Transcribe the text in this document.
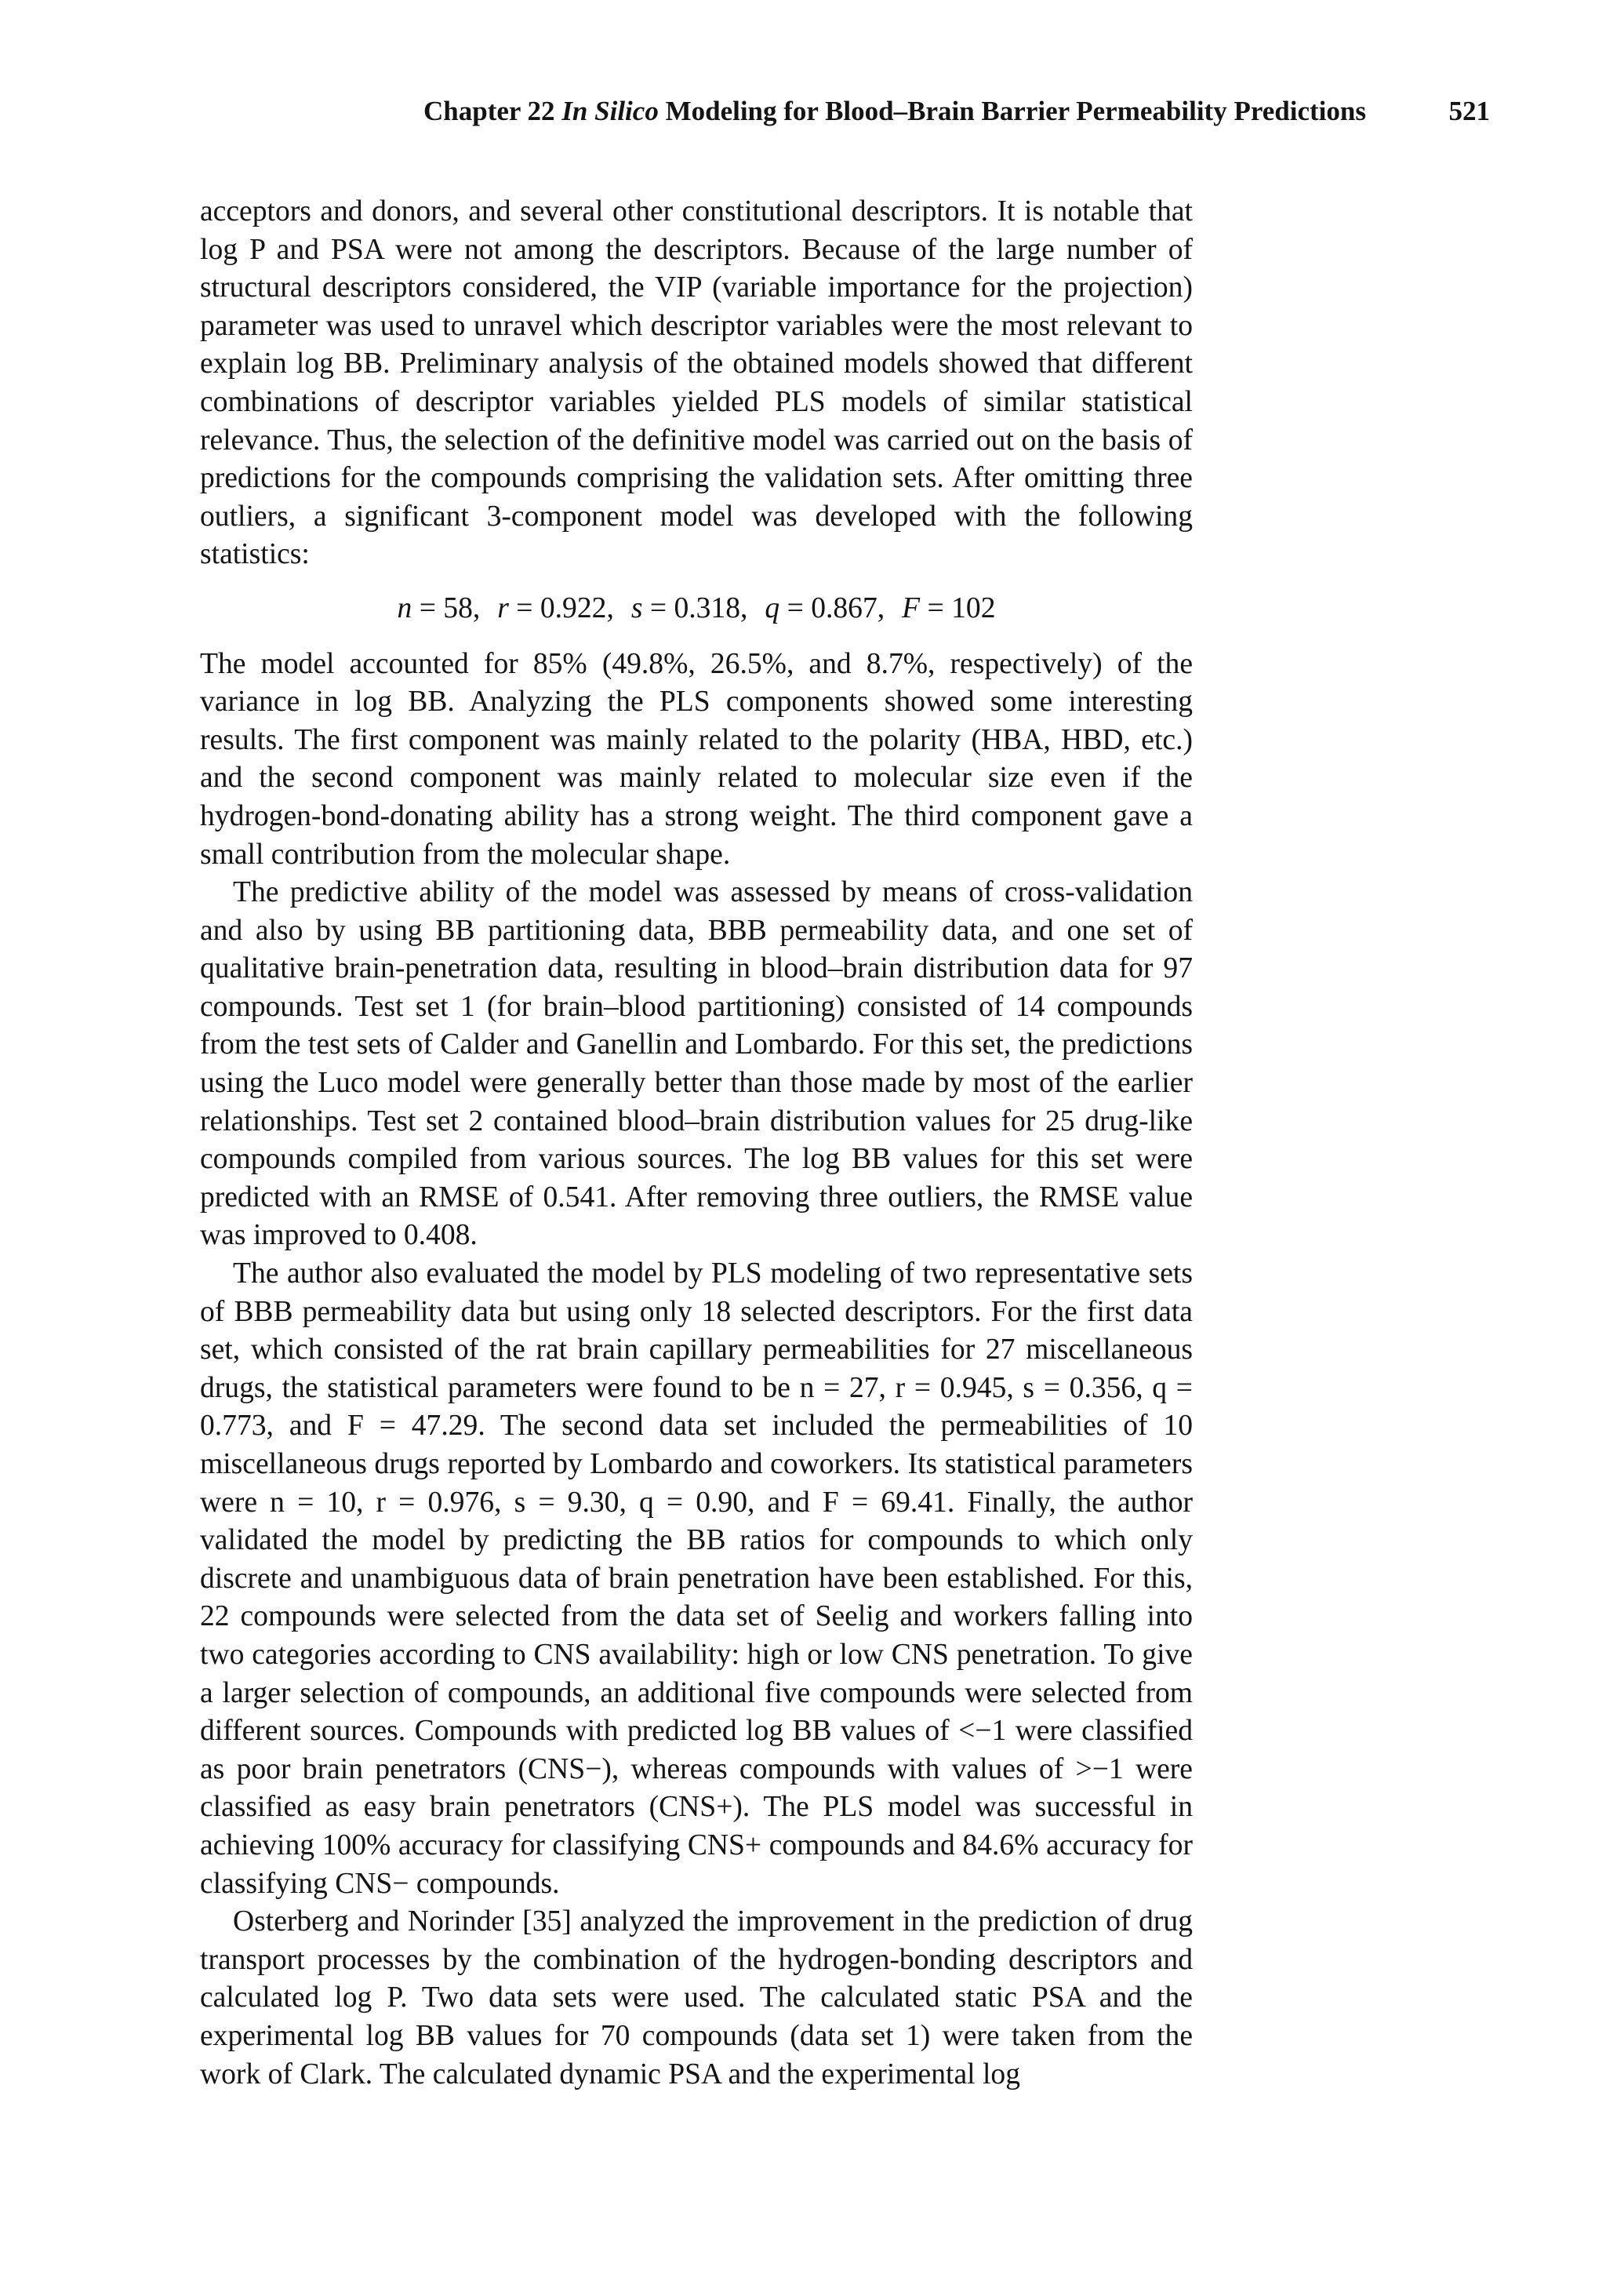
Chapter 22 In Silico Modeling for Blood–Brain Barrier Permeability Predictions	521

acceptors and donors, and several other constitutional descriptors. It is notable that log P and PSA were not among the descriptors. Because of the large number of structural descriptors considered, the VIP (variable importance for the projection) parameter was used to unravel which descriptor variables were the most relevant to explain log BB. Preliminary analysis of the obtained models showed that different combinations of descriptor variables yielded PLS models of similar statistical relevance. Thus, the selection of the definitive model was carried out on the basis of predictions for the compounds comprising the validation sets. After omitting three outliers, a significant 3-component model was developed with the following statistics:

n = 58, r = 0.922, s = 0.318, q = 0.867, F = 102

The model accounted for 85% (49.8%, 26.5%, and 8.7%, respectively) of the variance in log BB. Analyzing the PLS components showed some interesting results. The first component was mainly related to the polarity (HBA, HBD, etc.) and the second component was mainly related to molecular size even if the hydrogen-bond-donating ability has a strong weight. The third component gave a small contribution from the molecular shape.

The predictive ability of the model was assessed by means of cross-validation and also by using BB partitioning data, BBB permeability data, and one set of qualitative brain-penetration data, resulting in blood–brain distribution data for 97 compounds. Test set 1 (for brain–blood partitioning) consisted of 14 compounds from the test sets of Calder and Ganellin and Lombardo. For this set, the predictions using the Luco model were generally better than those made by most of the earlier relationships. Test set 2 contained blood–brain distribution values for 25 drug-like compounds compiled from various sources. The log BB values for this set were predicted with an RMSE of 0.541. After removing three outliers, the RMSE value was improved to 0.408.

The author also evaluated the model by PLS modeling of two representative sets of BBB permeability data but using only 18 selected descriptors. For the first data set, which consisted of the rat brain capillary permeabilities for 27 miscellaneous drugs, the statistical parameters were found to be n = 27, r = 0.945, s = 0.356, q = 0.773, and F = 47.29. The second data set included the permeabilities of 10 miscellaneous drugs reported by Lombardo and coworkers. Its statistical parameters were n = 10, r = 0.976, s = 9.30, q = 0.90, and F = 69.41. Finally, the author validated the model by predicting the BB ratios for compounds to which only discrete and unambiguous data of brain penetration have been established. For this, 22 compounds were selected from the data set of Seelig and workers falling into two categories according to CNS availability: high or low CNS penetration. To give a larger selection of compounds, an additional five compounds were selected from different sources. Compounds with predicted log BB values of <−1 were classified as poor brain penetrators (CNS−), whereas compounds with values of >−1 were classified as easy brain penetrators (CNS+). The PLS model was successful in achieving 100% accuracy for classifying CNS+ compounds and 84.6% accuracy for classifying CNS− compounds.

Osterberg and Norinder [35] analyzed the improvement in the prediction of drug transport processes by the combination of the hydrogen-bonding descriptors and calculated log P. Two data sets were used. The calculated static PSA and the experimental log BB values for 70 compounds (data set 1) were taken from the work of Clark. The calculated dynamic PSA and the experimental log
